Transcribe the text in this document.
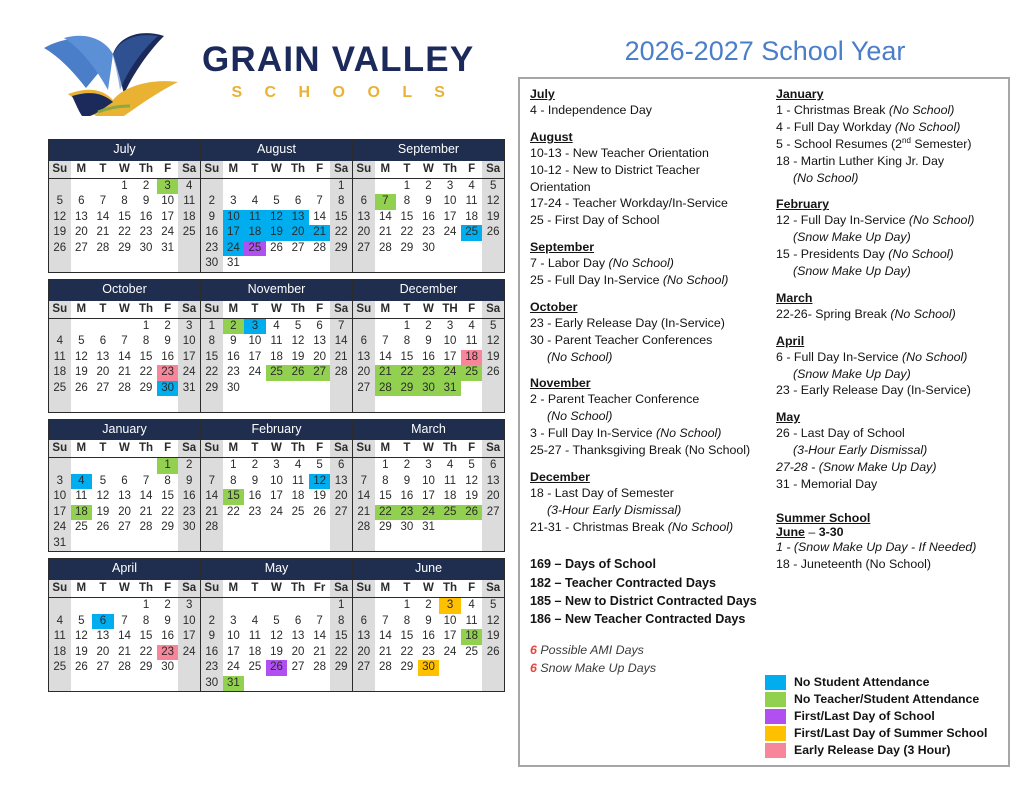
GRAIN VALLEY
S C H O O L S
2026-2027 School Year
July
Su	M	T	W	Th	F	Sa
			1	2	3	4
5	6	7	8	9	10	11
12	13	14	15	16	17	18
19	20	21	22	23	24	25
26	27	28	29	30	31	

August
Su	M	T	W	Th	F	Sa
						1
2	3	4	5	6	7	8
9	10	11	12	13	14	15
16	17	18	19	20	21	22
23	24	25	26	27	28	29
30	31					
September
Su	M	T	W	Th	F	Sa
		1	2	3	4	5
6	7	8	9	10	11	12
13	14	15	16	17	18	19
20	21	22	23	24	25	26
27	28	29	30			

October
Su	M	T	W	Th	F	Sa
				1	2	3
4	5	6	7	8	9	10
11	12	13	14	15	16	17
18	19	20	21	22	23	24
25	26	27	28	29	30	31

November
Su	M	T	W	Th	F	Sa
1	2	3	4	5	6	7
8	9	10	11	12	13	14
15	16	17	18	19	20	21
22	23	24	25	26	27	28
29	30					

December
Su	M	T	W	TH	F	Sa
		1	2	3	4	5
6	7	8	9	10	11	12
13	14	15	16	17	18	19
20	21	22	23	24	25	26
27	28	29	30	31		

January
Su	M	T	W	Th	F	Sa
					1	2
3	4	5	6	7	8	9
10	11	12	13	14	15	16
17	18	19	20	21	22	23
24	25	26	27	28	29	30
31						
February
Su	M	T	W	Th	F	Sa
	1	2	3	4	5	6
7	8	9	10	11	12	13
14	15	16	17	18	19	20
21	22	23	24	25	26	27
28						

March
Su	M	T	W	Th	F	Sa
	1	2	3	4	5	6
7	8	9	10	11	12	13
14	15	16	17	18	19	20
21	22	23	24	25	26	27
28	29	30	31			

April
Su	M	T	W	Th	F	Sa
				1	2	3
4	5	6	7	8	9	10
11	12	13	14	15	16	17
18	19	20	21	22	23	24
25	26	27	28	29	30	

May
Su	M	T	W	Th	Fr	Sa
						1
2	3	4	5	6	7	8
9	10	11	12	13	14	15
16	17	18	19	20	21	22
23	24	25	26	27	28	29
30	31					
June
Su	M	T	W	Th	F	Sa
		1	2	3	4	5
6	7	8	9	10	11	12
13	14	15	16	17	18	19
20	21	22	23	24	25	26
27	28	29	30			

July
4 - Independence Day
August
10-13 - New Teacher Orientation
10-12 - New to District Teacher
Orientation
17-24 - Teacher Workday/In-Service
25 - First Day of School
September
7 - Labor Day (No School)
25 - Full Day In-Service (No School)
October
23 - Early Release Day (In-Service)
30 - Parent Teacher Conferences
(No School)
November
2 - Parent Teacher Conference
(No School)
3 - Full Day In-Service (No School)
25-27 - Thanksgiving Break (No School)
December
18 - Last Day of Semester
(3-Hour Early Dismissal)
21-31 - Christmas Break (No School)
169 – Days of School
182 – Teacher Contracted Days
185 – New to District Contracted Days
186 – New Teacher Contracted Days
6 Possible AMI Days
6 Snow Make Up Days
January
1 - Christmas Break (No School)
4 - Full Day Workday (No School)
5 - School Resumes (2nd Semester)
18 - Martin Luther King Jr. Day
(No School)
February
12 - Full Day In-Service (No School)
(Snow Make Up Day)
15 - Presidents Day (No School)
(Snow Make Up Day)
March
22-26- Spring Break (No School)
April
6 - Full Day In-Service (No School)
(Snow Make Up Day)
23 - Early Release Day (In-Service)
May
26 - Last Day of School
(3-Hour Early Dismissal)
27-28 - (Snow Make Up Day)
31 - Memorial Day
Summer School
June – 3-30
1 - (Snow Make Up Day - If Needed)
18 - Juneteenth (No School)
No Student Attendance
No Teacher/Student Attendance
First/Last Day of School
First/Last Day of Summer School
Early Release Day (3 Hour)
